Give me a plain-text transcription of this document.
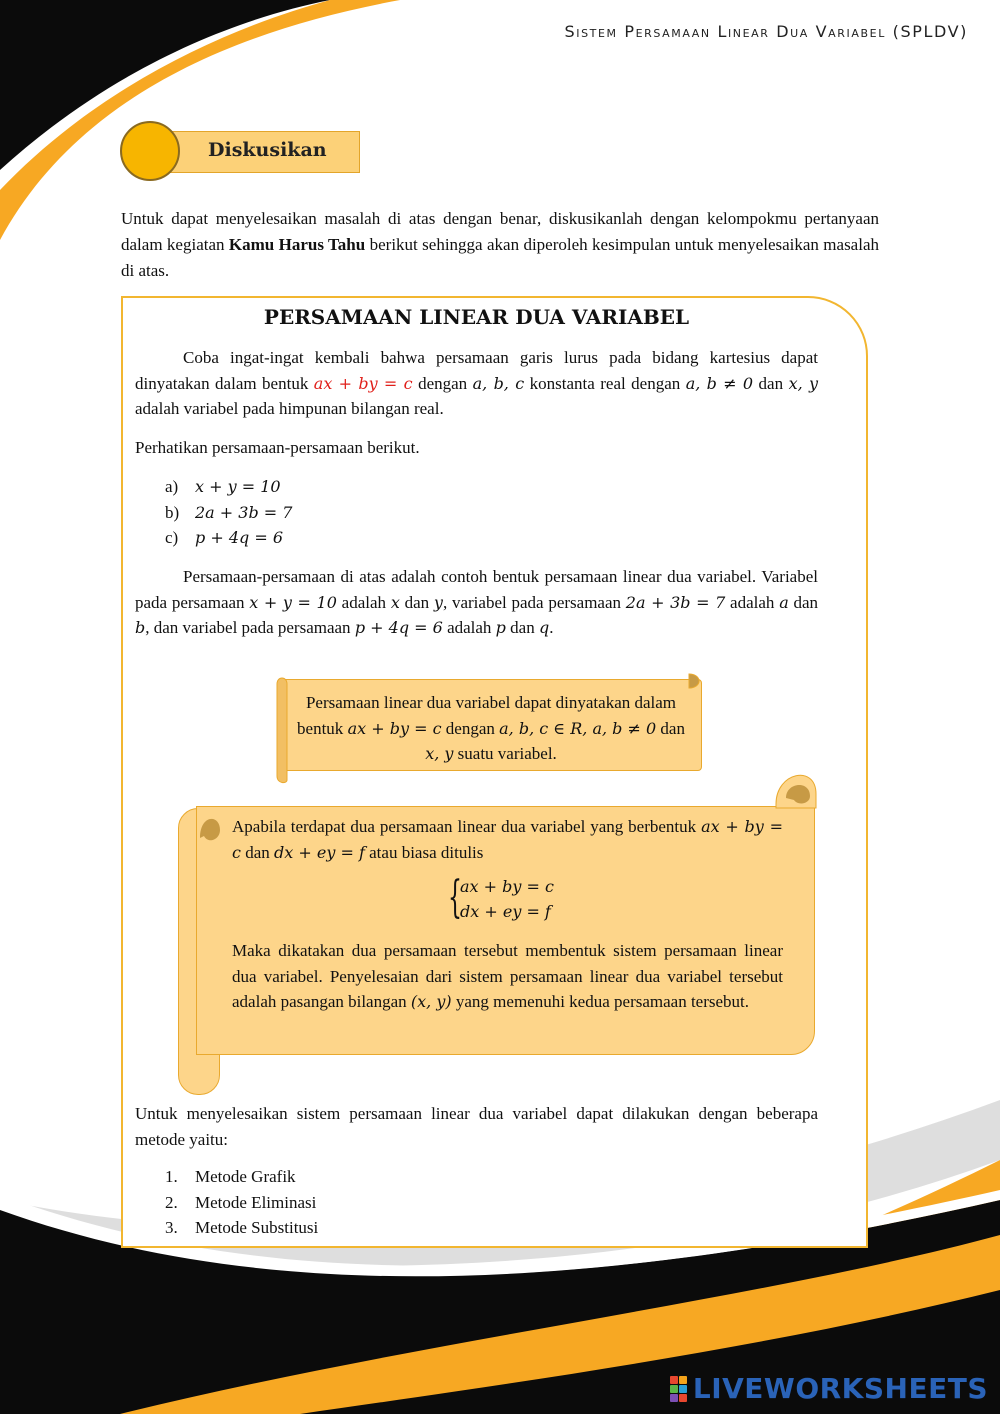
Sistem Persamaan Linear Dua Variabel (SPLDV)
Diskusikan

Untuk dapat menyelesaikan masalah di atas dengan benar, diskusikanlah dengan kelompokmu pertanyaan dalam kegiatan Kamu Harus Tahu berikut sehingga akan diperoleh kesimpulan untuk menyelesaikan masalah di atas.

PERSAMAAN LINEAR DUA VARIABEL

Coba ingat-ingat kembali bahwa persamaan garis lurus pada bidang kartesius dapat dinyatakan dalam bentuk ax + by = c dengan a, b, c konstanta real dengan a, b ≠ 0 dan x, y adalah variabel pada himpunan bilangan real.

Perhatikan persamaan-persamaan berikut.

a) x + y = 10
b) 2a + 3b = 7
c) p + 4q = 6

Persamaan-persamaan di atas adalah contoh bentuk persamaan linear dua variabel. Variabel pada persamaan x + y = 10 adalah x dan y, variabel pada persamaan 2a + 3b = 7 adalah a dan b, dan variabel pada persamaan p + 4q = 6 adalah p dan q.

Persamaan linear dua variabel dapat dinyatakan dalam bentuk ax + by = c dengan a, b, c ∈ R, a, b ≠ 0 dan x, y suatu variabel.

Apabila terdapat dua persamaan linear dua variabel yang berbentuk ax + by = c dan dx + ey = f atau biasa ditulis

{
ax + by = c
dx + ey = f

Maka dikatakan dua persamaan tersebut membentuk sistem persamaan linear dua variabel. Penyelesaian dari sistem persamaan linear dua variabel tersebut adalah pasangan bilangan (x, y) yang memenuhi kedua persamaan tersebut.

Untuk menyelesaikan sistem persamaan linear dua variabel dapat dilakukan dengan beberapa metode yaitu:

1. Metode Grafik
2. Metode Eliminasi
3. Metode Substitusi
LIVEWORKSHEETS
